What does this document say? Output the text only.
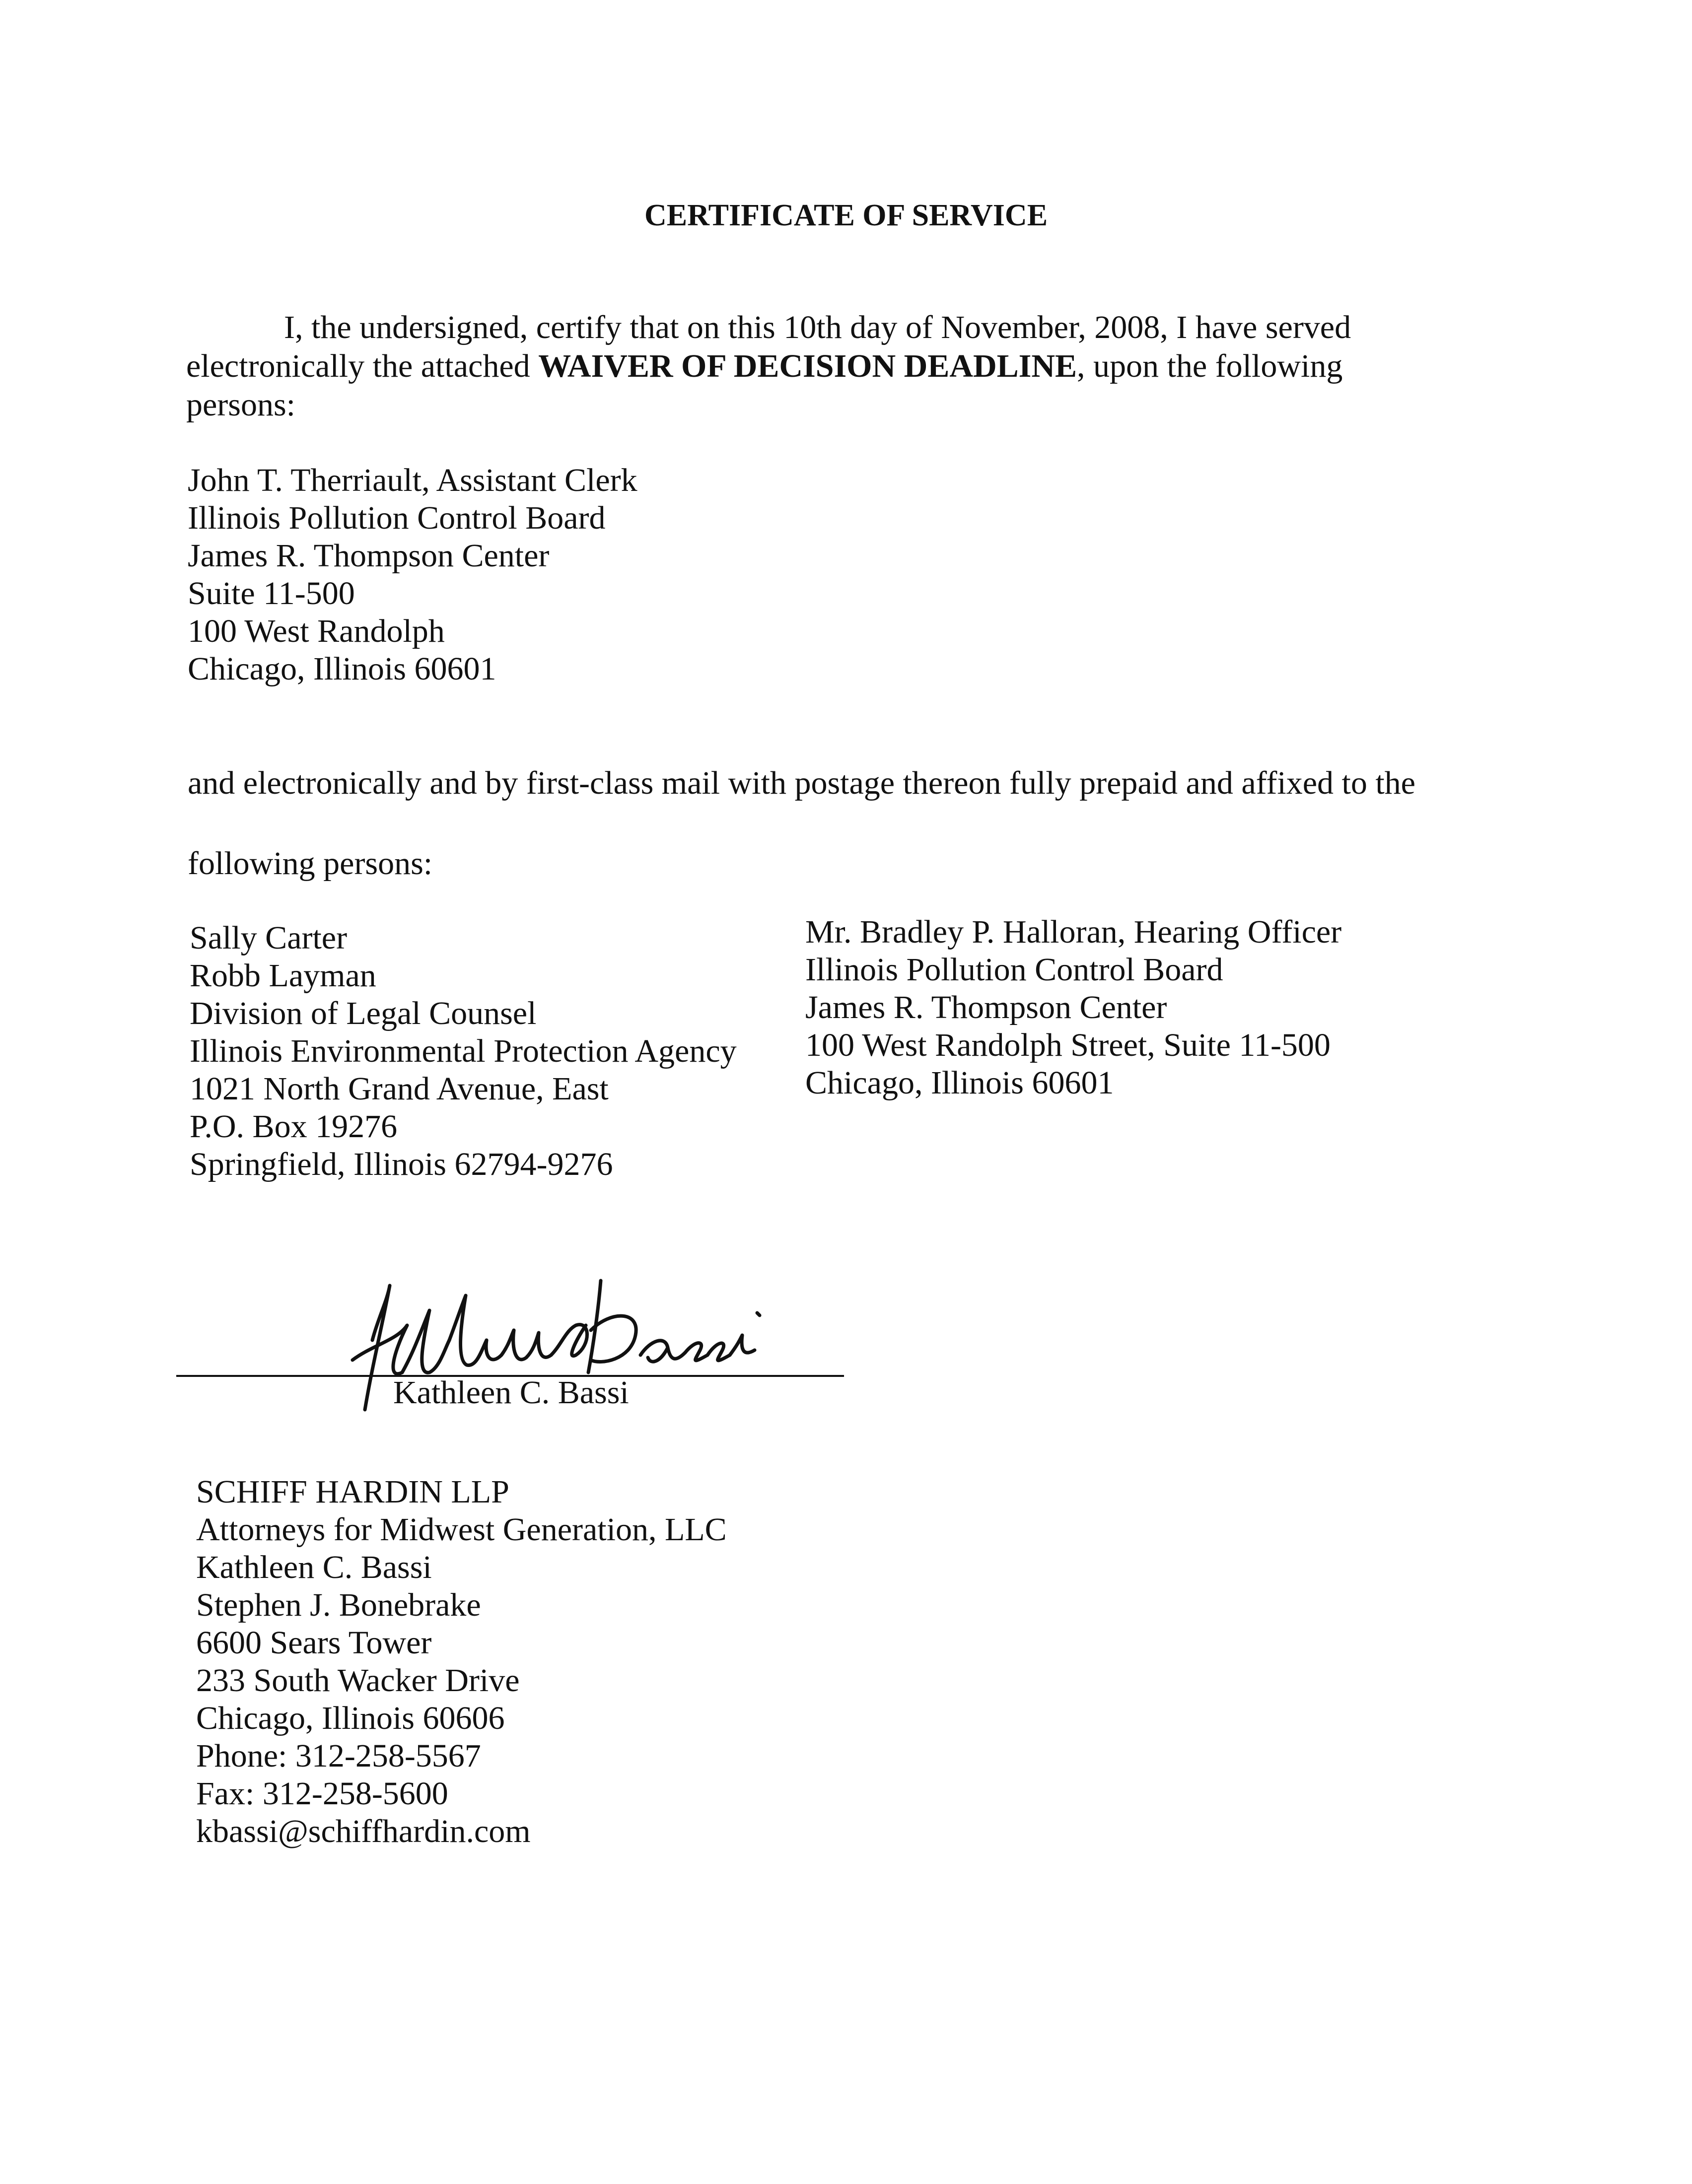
CERTIFICATE OF SERVICE
I, the undersigned, certify that on this 10th day of November, 2008, I have served
electronically the attached WAIVER OF DECISION DEADLINE, upon the following
persons:
John T. Therriault, Assistant Clerk
Illinois Pollution Control Board
James R. Thompson Center
Suite 11-500
100 West Randolph
Chicago, Illinois 60601
and electronically and by first-class mail with postage thereon fully prepaid and affixed to the
following persons:
Sally Carter
Robb Layman
Division of Legal Counsel
Illinois Environmental Protection Agency
1021 North Grand Avenue, East
P.O. Box 19276
Springfield, Illinois 62794-9276
Mr. Bradley P. Halloran, Hearing Officer
Illinois Pollution Control Board
James R. Thompson Center
100 West Randolph Street, Suite 11-500
Chicago, Illinois 60601
Kathleen C. Bassi
SCHIFF HARDIN LLP
Attorneys for Midwest Generation, LLC
Kathleen C. Bassi
Stephen J. Bonebrake
6600 Sears Tower
233 South Wacker Drive
Chicago, Illinois 60606
Phone: 312-258-5567
Fax: 312-258-5600
kbassi@schiffhardin.com
